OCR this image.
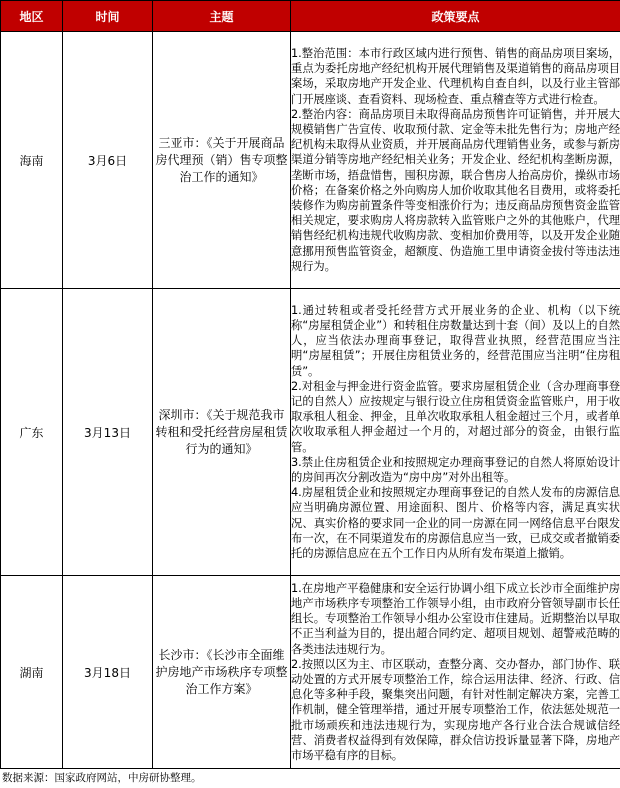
地区	时间	主题	政策要点
海南	3月6日	三亚市：《关于开展商品房代理预（销）售专项整治工作的通知》	1.整治范围：本市行政区域内进行预售、销售的商品房项目案场，重点为委托房地产经纪机构开展代理销售及渠道销售的商品房项目案场，采取房地产开发企业、代理机构自查自纠，以及行业主管部门开展座谈、查看资料、现场检查、重点稽查等方式进行检查。
2.整治内容：商品房项目未取得商品房预售许可证销售，并开展大规模销售广告宣传、收取预付款、定金等未批先售行为；房地产经纪机构未取得从业资质，并开展商品房代理销售业务，或参与新房渠道分销等房地产经纪相关业务；开发企业、经纪机构垄断房源，垄断市场，捂盘惜售，囤积房源，联合售房人抬高房价，操纵市场价格；在备案价格之外向购房人加价收取其他名目费用，或将委托装修作为购房前置条件等变相涨价行为；违反商品房预售资金监管相关规定，要求购房人将房款转入监管账户之外的其他账户，代理销售经纪机构违规代收购房款、变相加价费用等，以及开发企业随意挪用预售监管资金，超额度、伪造施工里申请资金拔付等违法违规行为。

广东	3月13日	深圳市：《关于规范我市转租和受托经营房屋租赁行为的通知》	1.通过转租或者受托经营方式开展业务的企业、机构（以下统称“房屋租赁企业”）和转租住房数量达到十套（间）及以上的自然人，应当依法办理商事登记，取得营业执照，经营范围应当注明“房屋租赁”；开展住房租赁业务的，经营范围应当注明“住房租赁”。
2.对租金与押金进行资金监管。要求房屋租赁企业（含办理商事登记的自然人）应按规定与银行设立住房租赁资金监管账户，用于收取承租人租金、押金，且单次收取承租人租金超过三个月，或者单次收取承租人押金超过一个月的，对超过部分的资金，由银行监管。
3.禁止住房租赁企业和按照规定办理商事登记的自然人将原始设计的房间再次分割改造为“房中房”对外出租等。
4.房屋租赁企业和按照规定办理商事登记的自然人发布的房源信息应当明确房源位置、用途面积、图片、价格等内容，满足真实状况、真实价格的要求同一企业的同一房源在同一网络信息平台限发布一次，在不同渠道发布的房源信息应当一致，已成交或者撤销委托的房源信息应在五个工作日内从所有发布渠道上撤销。

湖南	3月18日	长沙市：《长沙市全面维护房地产市场秩序专项整治工作方案》	1.在房地产平稳健康和安全运行协调小组下成立长沙市全面维护房地产市场秩序专项整治工作领导小组，由市政府分管领导副市长任组长。专项整治工作领导小组办公室设市住建局。近期整治以早取不正当利益为目的，提出超合同约定、超项目规划、超警戒范畴的各类违法违规行为。
2.按照以区为主、市区联动，查整分离、交办督办，部门协作、联动处置的方式开展专项整治工作，综合运用法律、经济、行政、信息化等多种手段，聚集突出问题，有针对性制定解决方案，完善工作机制，健全管理举措，通过开展专项整治工作，依法惩处规范一批市场顽疾和违法违规行为，实现房地产各行业合法合规诚信经营、消费者权益得到有效保障，群众信访投诉量显著下降，房地产市场平稳有序的目标。
数据来源：国家政府网站，中房研协整理。
